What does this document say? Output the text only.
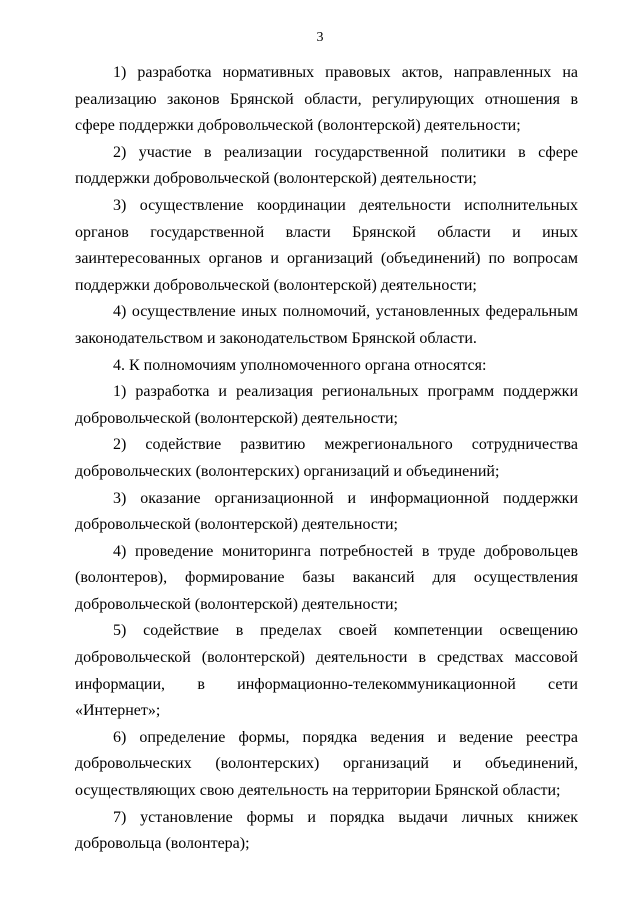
3

1) разработка нормативных правовых актов, направленных на реализацию законов Брянской области, регулирующих отношения в сфере поддержки добровольческой (волонтерской) деятельности;

2) участие в реализации государственной политики в сфере поддержки добровольческой (волонтерской) деятельности;

3) осуществление координации деятельности исполнительных органов государственной власти Брянской области и иных заинтересованных органов и организаций (объединений) по вопросам поддержки добровольческой (волонтерской) деятельности;

4) осуществление иных полномочий, установленных федеральным законодательством и законодательством Брянской области.

4. К полномочиям уполномоченного органа относятся:

1) разработка и реализация региональных программ поддержки добровольческой (волонтерской) деятельности;

2) содействие развитию межрегионального сотрудничества добровольческих (волонтерских) организаций и объединений;

3) оказание организационной и информационной поддержки добровольческой (волонтерской) деятельности;

4) проведение мониторинга потребностей в труде добровольцев (волонтеров), формирование базы вакансий для осуществления добровольческой (волонтерской) деятельности;

5) содействие в пределах своей компетенции освещению добровольческой (волонтерской) деятельности в средствах массовой информации, в информационно-телекоммуникационной сети «Интернет»;

6) определение формы, порядка ведения и ведение реестра добровольческих (волонтерских) организаций и объединений, осуществляющих свою деятельность на территории Брянской области;

7) установление формы и порядка выдачи личных книжек добровольца (волонтера);
